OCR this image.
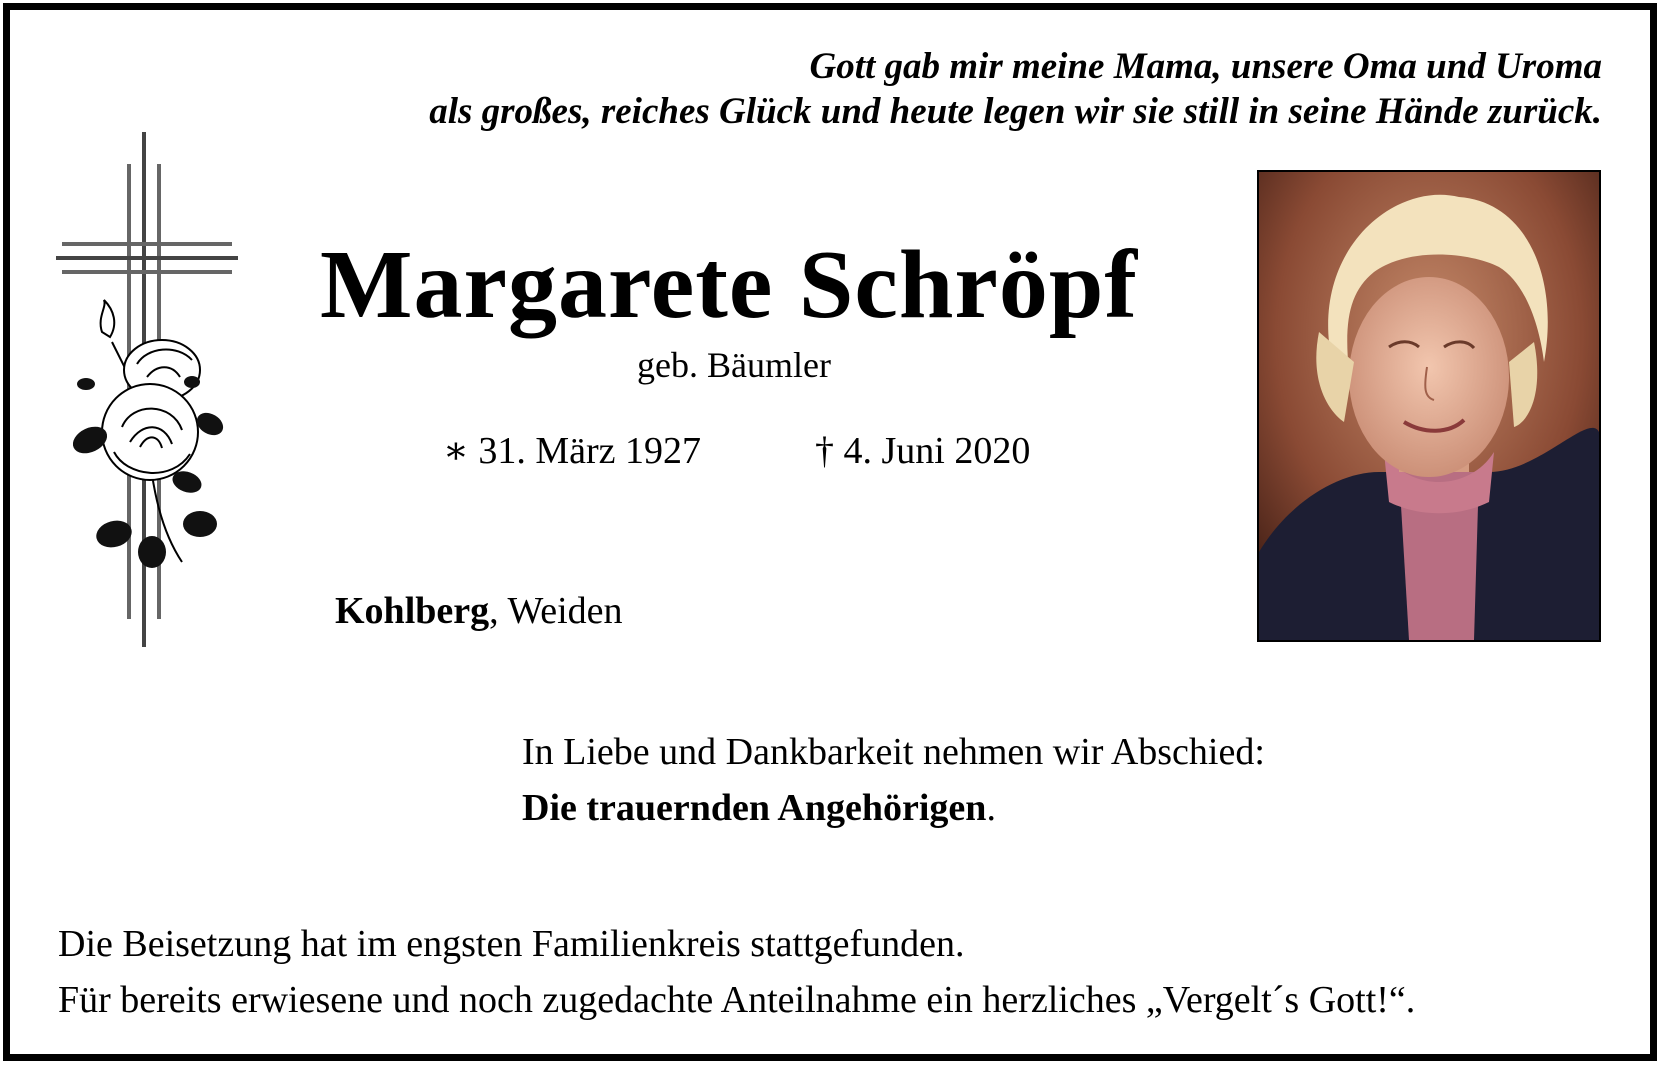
Gott gab mir meine Mama, unsere Oma und Uroma
als großes, reiches Glück und heute legen wir sie still in seine Hände zurück.
Margarete Schröpf
geb. Bäumler
∗ 31. März 1927	† 4. Juni 2020
Kohlberg, Weiden
In Liebe und Dankbarkeit nehmen wir Abschied:
Die trauernden Angehörigen.
Die Beisetzung hat im engsten Familienkreis stattgefunden.
Für bereits erwiesene und noch zugedachte Anteilnahme ein herzliches „Vergelt´s Gott!“.
